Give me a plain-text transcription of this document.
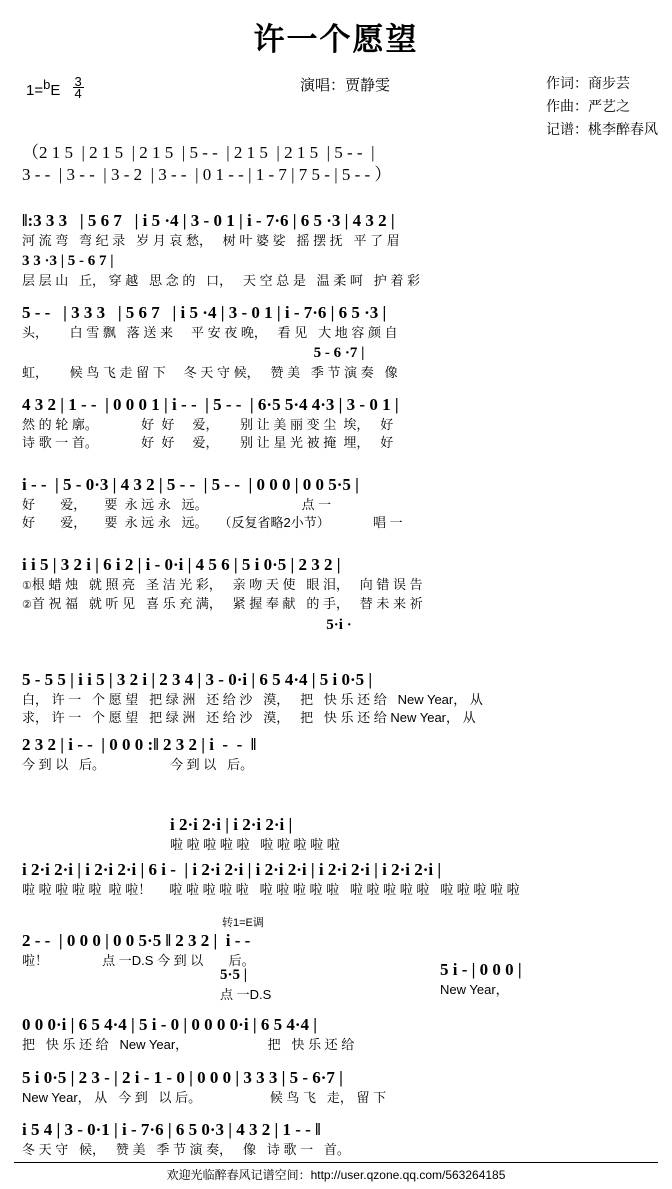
许一个愿望
$1=bE \frac{3}{4}$	演唱：贾静雯	作词：商步芸
作曲：严艺之
记谱：桃李醉春风
（2 1 5  | 2 1 5  | 2 1 5  | 5 - -  | 2 1 5  | 2 1 5  | 5 - -  |
3 - -  | 3 - -  | 3 - 2  | 3 - -  | 0 1 - - | 1 - 7 | 7 5 - | 5 - - ）
‖:3 3 3   | 5 6 7   | i 5 ·4 | 3 - 0 1 | i - 7·6 | 6 5 ·3 | 4 3 2 |
河 流 弯   弯 纪 录   岁 月 哀 愁，   树 叶 婆 娑   摇 摆 抚   平 了 眉
3 3 ·3 | 5 - 6 7 |
层 层 山   丘， 穿 越   思 念 的   口，   天 空 总 是   温 柔 呵   护 着 彩
5 - -   | 3 3 3   | 5 6 7   | i 5 ·4 | 3 - 0 1 | i - 7·6 | 6 5 ·3 |
头，      白 雪 飘   落 送 来     平 安 夜 晚，   看 见   大 地 容 颜 自
5 - 6 ·7 |
虹，      候 鸟 飞 走 留 下     冬 天 守 候，   赞 美   季 节 演 奏   像
4 3 2 | 1 - -  | 0 0 0 1 | i - -  | 5 - -  | 6·5 5·4 4·3 | 3 - 0 1 |
然 的 轮 廓。            好  好     爱，      别 让 美 丽 变 尘  埃，   好
诗 歌 一 首。            好  好     爱，      别 让 星 光 被 掩  埋，   好
i - -  | 5 - 0·3 | 4 3 2 | 5 - -  | 5 - -  | 0 0 0 | 0 0 5·5 |
好       爱，     要  永 远 永   远。                          点 一
好       爱，     要  永 远 永   远。   （反复省略2小节）            唱 一
i i 5 | 3 2 i | 6 i 2 | i - 0·i | 4 5 6 | 5 i 0·5 | 2 3 2 |
①根 蜡 烛   就 照 亮   圣 洁 光 彩，   亲 吻 天 使   眼 泪，   向 错 误 告
②首 祝 福   就 听 见   喜 乐 充 满，   紧 握 奉 献   的 手，   替 未 来 祈
5·i ·
5 - 5 5 | i i 5 | 3 2 i | 2 3 4 | 3 - 0·i | 6 5 4·4 | 5 i 0·5 |
白， 许 一   个 愿 望   把 绿 洲   还 给 沙   漠，   把   快 乐 还 给   New Year， 从
求， 许 一   个 愿 望   把 绿 洲   还 给 沙   漠，   把   快 乐 还 给 New Year， 从
2 3 2 | i - -  | 0 0 0 :‖ 2 3 2 | i  -  -  ‖
今 到 以   后。                  今 到 以   后。
i 2·i 2·i | i 2·i 2·i |
啦 啦 啦 啦 啦   啦 啦 啦 啦 啦
i 2·i 2·i | i 2·i 2·i | 6 i -  | i 2·i 2·i | i 2·i 2·i | i 2·i 2·i | i 2·i 2·i |
啦 啦 啦 啦 啦  啦 啦！     啦 啦 啦 啦 啦   啦 啦 啦 啦 啦   啦 啦 啦 啦 啦   啦 啦 啦 啦 啦
转1=E调
2 - -  | 0 0 0 | 0 0 5·5 ‖ 2 3 2 |  i - -
啦！               点 一D.S 今 到 以       后。
5·5 |
点 一D.S
5 i - | 0 0 0 |
New Year，
0 0 0·i | 6 5 4·4 | 5 i - 0 | 0 0 0 0·i | 6 5 4·4 |
把   快 乐 还 给   New Year，                      把   快 乐 还 给
5 i 0·5 | 2 3 - | 2 i - 1 - 0 | 0 0 0 | 3 3 3 | 5 - 6·7 |
New Year， 从   今 到   以 后。                   候 鸟 飞   走， 留 下
i 5 4 | 3 - 0·1 | i - 7·6 | 6 5 0·3 | 4 3 2 | 1 - - ‖
冬 天 守   候，   赞 美   季 节 演 奏，   像   诗 歌 一   首。
欢迎光临醉春风记谱空间：http://user.qzone.qq.com/563264185
